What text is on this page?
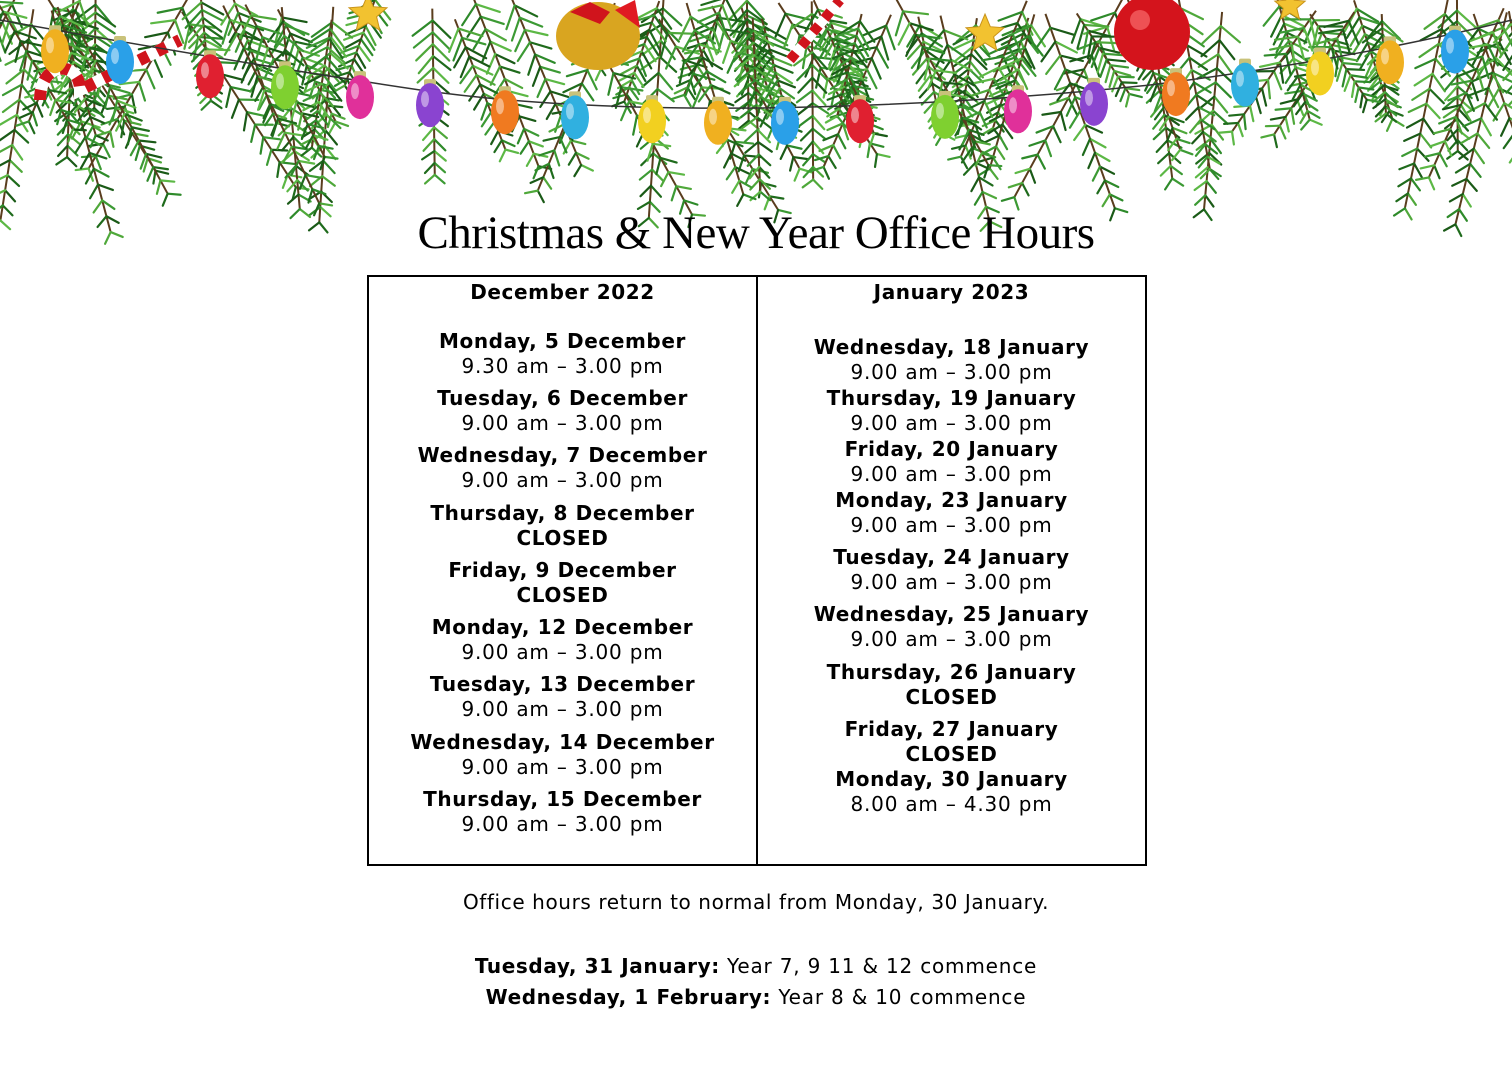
Christmas & New Year Office Hours
December 2022
Monday, 5 December
9.30 am – 3.00 pm
Tuesday, 6 December
9.00 am – 3.00 pm
Wednesday, 7 December
9.00 am – 3.00 pm
Thursday, 8 December
CLOSED
Friday, 9 December
CLOSED
Monday, 12 December
9.00 am – 3.00 pm
Tuesday, 13 December
9.00 am – 3.00 pm
Wednesday, 14 December
9.00 am – 3.00 pm
Thursday, 15 December
9.00 am – 3.00 pm
January 2023
Wednesday, 18 January
9.00 am – 3.00 pm
Thursday, 19 January
9.00 am – 3.00 pm
Friday, 20 January
9.00 am – 3.00 pm
Monday, 23 January
9.00 am – 3.00 pm
Tuesday, 24 January
9.00 am – 3.00 pm
Wednesday, 25 January
9.00 am – 3.00 pm
Thursday, 26 January
CLOSED
Friday, 27 January
CLOSED
Monday, 30 January
8.00 am – 4.30 pm
Office hours return to normal from Monday, 30 January.
Tuesday, 31 January: Year 7, 9 11 & 12 commence
Wednesday, 1 February: Year 8 & 10 commence
